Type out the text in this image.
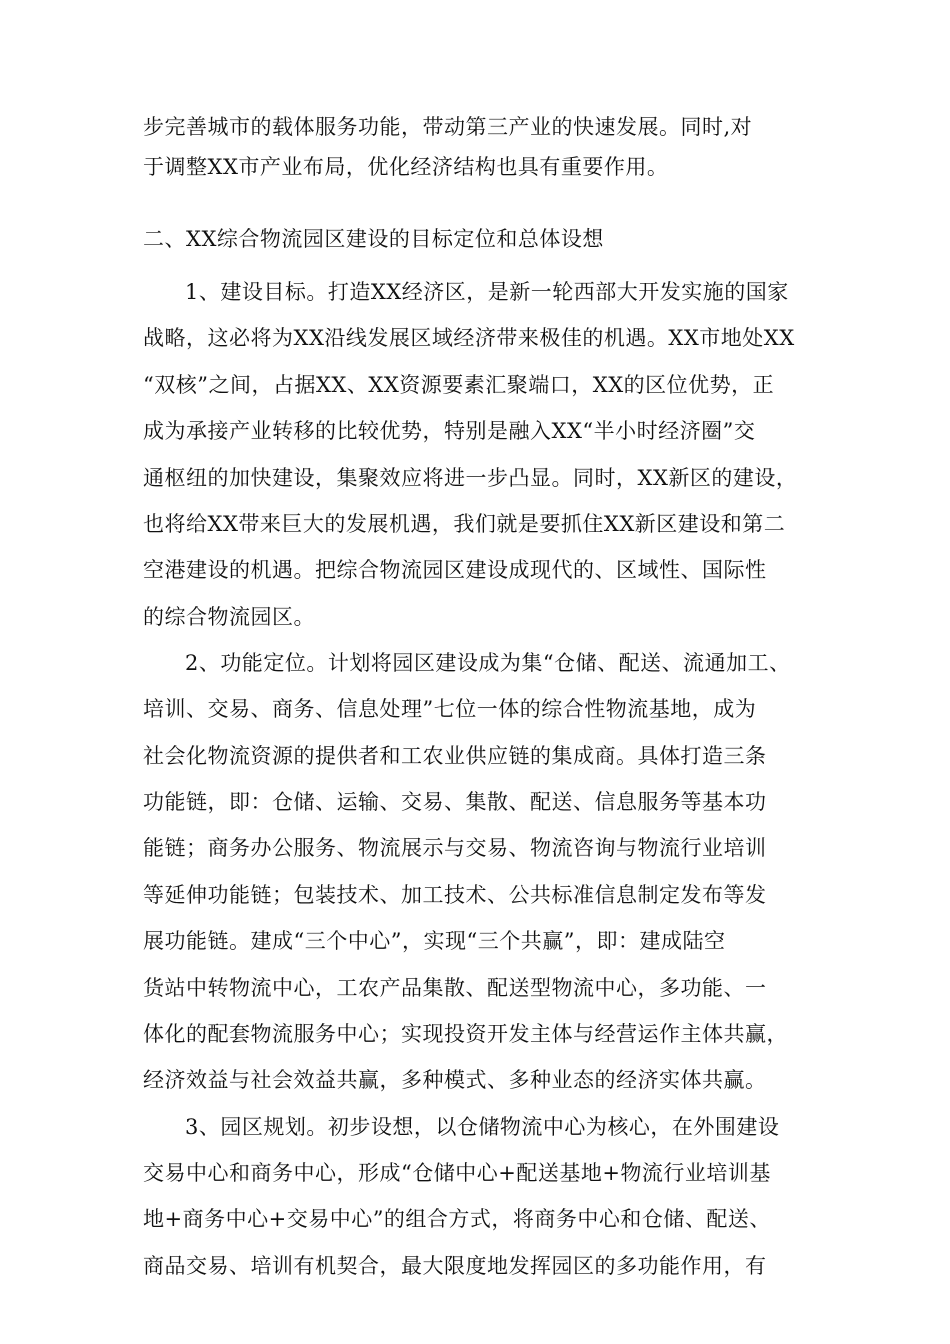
步完善城市的载体服务功能，带动第三产业的快速发展。同时,对

于调整XX市产业布局，优化经济结构也具有重要作用。

二、XX综合物流园区建设的目标定位和总体设想

1、建设目标。打造XX经济区，是新一轮西部大开发实施的国家

战略，这必将为XX沿线发展区域经济带来极佳的机遇。XX市地处XX

“双核”之间，占据XX、XX资源要素汇聚端口，XX的区位优势，正

成为承接产业转移的比较优势，特别是融入XX“半小时经济圈”交

通枢纽的加快建设，集聚效应将进一步凸显。同时，XX新区的建设，

也将给XX带来巨大的发展机遇，我们就是要抓住XX新区建设和第二

空港建设的机遇。把综合物流园区建设成现代的、区域性、国际性

的综合物流园区。

2、功能定位。计划将园区建设成为集“仓储、配送、流通加工、

培训、交易、商务、信息处理”七位一体的综合性物流基地，成为

社会化物流资源的提供者和工农业供应链的集成商。具体打造三条

功能链，即：仓储、运输、交易、集散、配送、信息服务等基本功

能链；商务办公服务、物流展示与交易、物流咨询与物流行业培训

等延伸功能链；包装技术、加工技术、公共标准信息制定发布等发

展功能链。建成“三个中心”，实现“三个共赢”，即：建成陆空

货站中转物流中心，工农产品集散、配送型物流中心，多功能、一

体化的配套物流服务中心；实现投资开发主体与经营运作主体共赢，

经济效益与社会效益共赢，多种模式、多种业态的经济实体共赢。

3、园区规划。初步设想，以仓储物流中心为核心，在外围建设

交易中心和商务中心，形成“仓储中心+配送基地+物流行业培训基

地+商务中心+交易中心”的组合方式，将商务中心和仓储、配送、

商品交易、培训有机契合，最大限度地发挥园区的多功能作用，有
